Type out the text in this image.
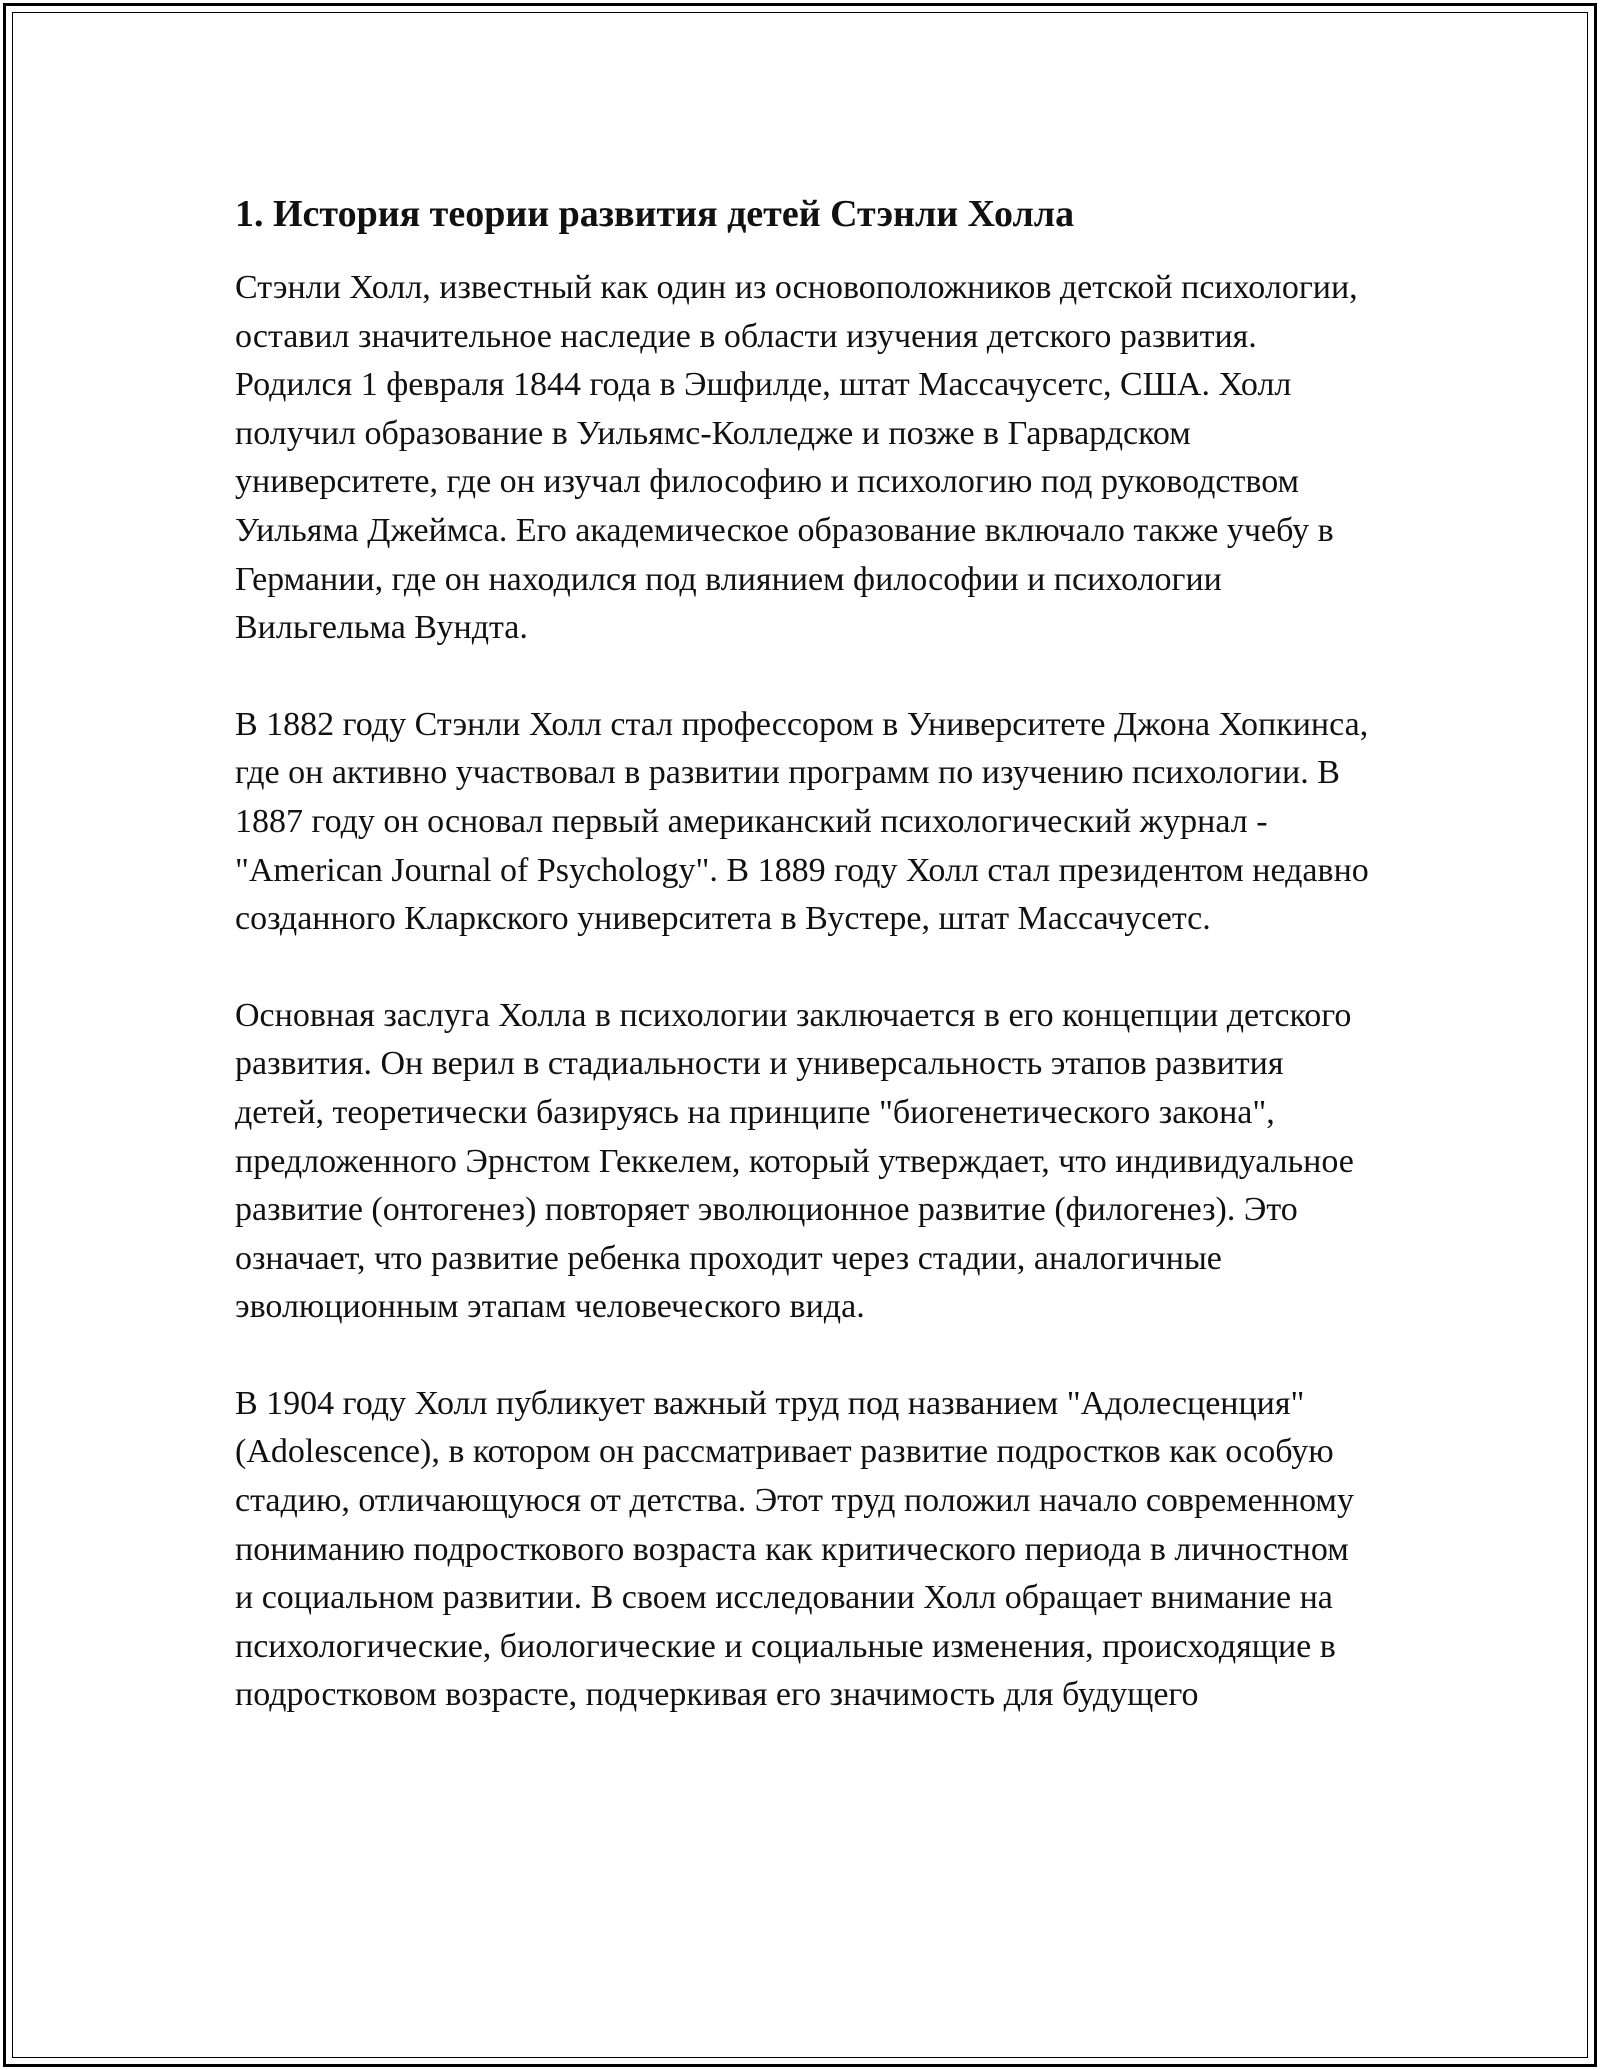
1. История теории развития детей Стэнли Холла

Стэнли Холл, известный как один из основоположников детской психологии, оставил значительное наследие в области изучения детского развития. Родился 1 февраля 1844 года в Эшфилде, штат Массачусетс, США. Холл получил образование в Уильямс-Колледже и позже в Гарвардском университете, где он изучал философию и психологию под руководством Уильяма Джеймса. Его академическое образование включало также учебу в Германии, где он находился под влиянием философии и психологии Вильгельма Вундта.

В 1882 году Стэнли Холл стал профессором в Университете Джона Хопкинса, где он активно участвовал в развитии программ по изучению психологии. В 1887 году он основал первый американский психологический журнал - "American Journal of Psychology". В 1889 году Холл стал президентом недавно созданного Кларкского университета в Вустере, штат Массачусетс.

Основная заслуга Холла в психологии заключается в его концепции детского развития. Он верил в стадиальности и универсальность этапов развития детей, теоретически базируясь на принципе "биогенетического закона", предложенного Эрнстом Геккелем, который утверждает, что индивидуальное развитие (онтогенез) повторяет эволюционное развитие (филогенез). Это означает, что развитие ребенка проходит через стадии, аналогичные эволюционным этапам человеческого вида.

В 1904 году Холл публикует важный труд под названием "Адолесценция" (Adolescence), в котором он рассматривает развитие подростков как особую стадию, отличающуюся от детства. Этот труд положил начало современному пониманию подросткового возраста как критического периода в личностном и социальном развитии. В своем исследовании Холл обращает внимание на психологические, биологические и социальные изменения, происходящие в подростковом возрасте, подчеркивая его значимость для будущего
